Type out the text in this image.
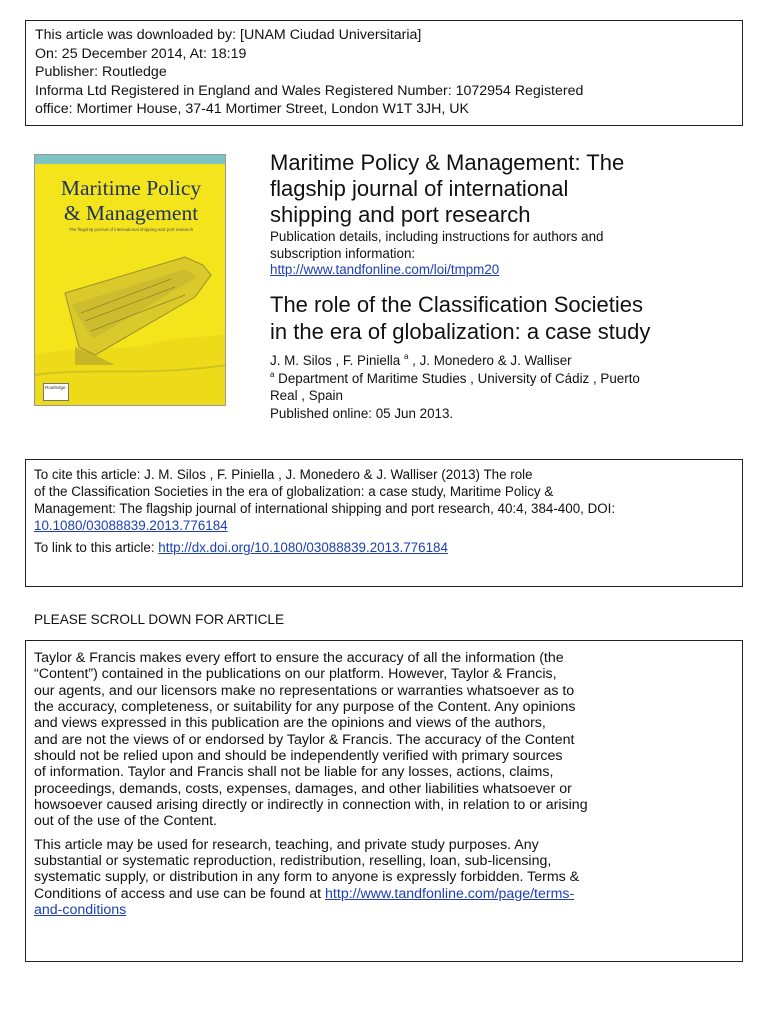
This article was downloaded by: [UNAM Ciudad Universitaria]
On: 25 December 2014, At: 18:19
Publisher: Routledge
Informa Ltd Registered in England and Wales Registered Number: 1072954 Registered
office: Mortimer House, 37-41 Mortimer Street, London W1T 3JH, UK
Maritime Policy
& Management
The flagship journal of international shipping and port research
Routledge
Maritime Policy & Management: The
flagship journal of international
shipping and port research
Publication details, including instructions for authors and
subscription information:
http://www.tandfonline.com/loi/tmpm20
The role of the Classification Societies
in the era of globalization: a case study
J. M. Silos , F. Piniella $^a$ , J. Monedero & J. Walliser
$^a$ Department of Maritime Studies , University of Cádiz , Puerto
Real , Spain
Published online: 05 Jun 2013.
To cite this article: J. M. Silos , F. Piniella , J. Monedero & J. Walliser (2013) The role
of the Classification Societies in the era of globalization: a case study, Maritime Policy &
Management: The flagship journal of international shipping and port research, 40:4, 384-400, DOI:
10.1080/03088839.2013.776184
To link to this article: http://dx.doi.org/10.1080/03088839.2013.776184
PLEASE SCROLL DOWN FOR ARTICLE
Taylor & Francis makes every effort to ensure the accuracy of all the information (the
“Content”) contained in the publications on our platform. However, Taylor & Francis,
our agents, and our licensors make no representations or warranties whatsoever as to
the accuracy, completeness, or suitability for any purpose of the Content. Any opinions
and views expressed in this publication are the opinions and views of the authors,
and are not the views of or endorsed by Taylor & Francis. The accuracy of the Content
should not be relied upon and should be independently verified with primary sources
of information. Taylor and Francis shall not be liable for any losses, actions, claims,
proceedings, demands, costs, expenses, damages, and other liabilities whatsoever or
howsoever caused arising directly or indirectly in connection with, in relation to or arising
out of the use of the Content.
This article may be used for research, teaching, and private study purposes. Any
substantial or systematic reproduction, redistribution, reselling, loan, sub-licensing,
systematic supply, or distribution in any form to anyone is expressly forbidden. Terms &
Conditions of access and use can be found at http://www.tandfonline.com/page/terms-
and-conditions
